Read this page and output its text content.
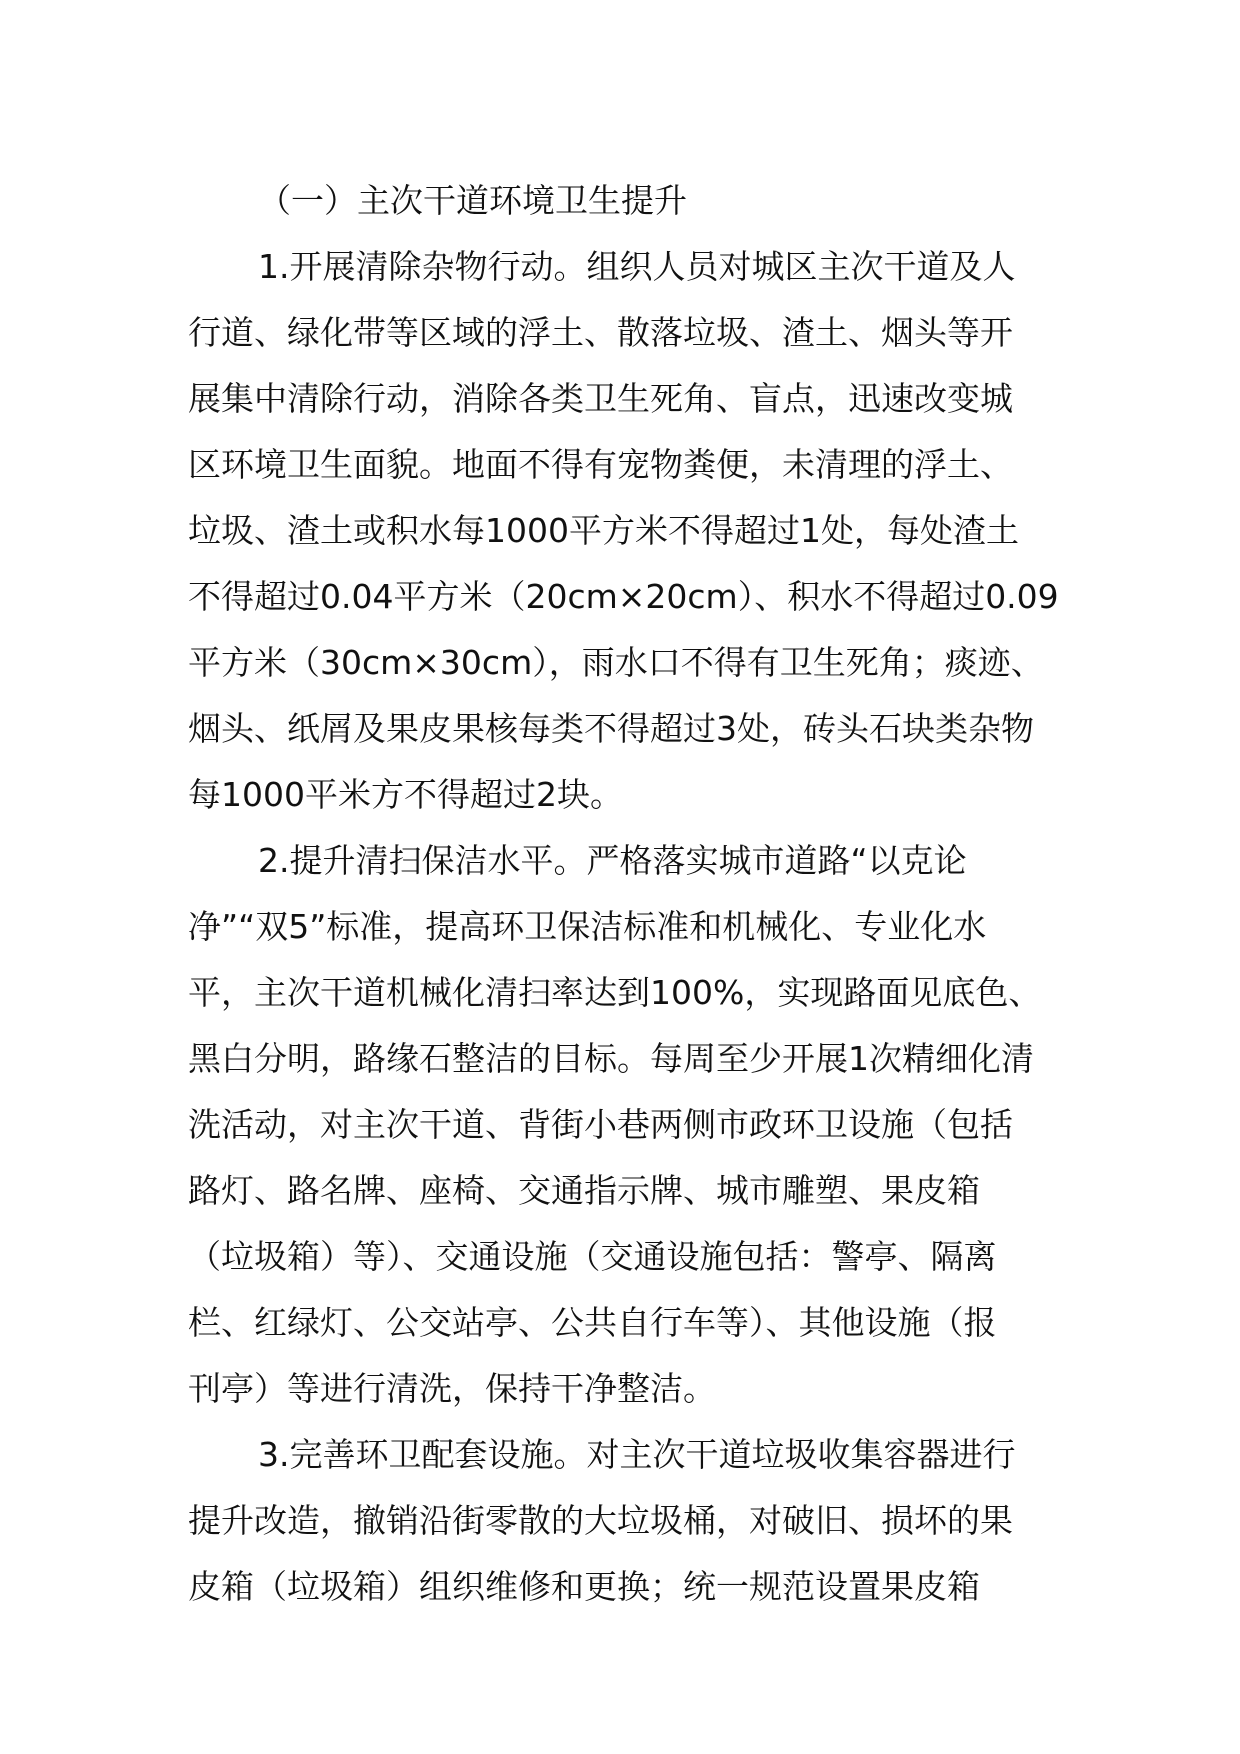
（一）主次干道环境卫生提升
1.开展清除杂物行动。组织人员对城区主次干道及人
行道、绿化带等区域的浮土、散落垃圾、渣土、烟头等开
展集中清除行动，消除各类卫生死角、盲点，迅速改变城
区环境卫生面貌。地面不得有宠物粪便，未清理的浮土、
垃圾、渣土或积水每1000平方米不得超过1处，每处渣土
不得超过0.04平方米（20cm×20cm）、积水不得超过0.09
平方米（30cm×30cm），雨水口不得有卫生死角；痰迹、
烟头、纸屑及果皮果核每类不得超过3处，砖头石块类杂物
每1000平米方不得超过2块。
2.提升清扫保洁水平。严格落实城市道路“以克论
净”“双5”标准，提高环卫保洁标准和机械化、专业化水
平，主次干道机械化清扫率达到100%，实现路面见底色、
黑白分明，路缘石整洁的目标。每周至少开展1次精细化清
洗活动，对主次干道、背街小巷两侧市政环卫设施（包括
路灯、路名牌、座椅、交通指示牌、城市雕塑、果皮箱
（垃圾箱）等）、交通设施（交通设施包括：警亭、隔离
栏、红绿灯、公交站亭、公共自行车等）、其他设施（报
刊亭）等进行清洗，保持干净整洁。
3.完善环卫配套设施。对主次干道垃圾收集容器进行
提升改造，撤销沿街零散的大垃圾桶，对破旧、损坏的果
皮箱（垃圾箱）组织维修和更换；统一规范设置果皮箱
